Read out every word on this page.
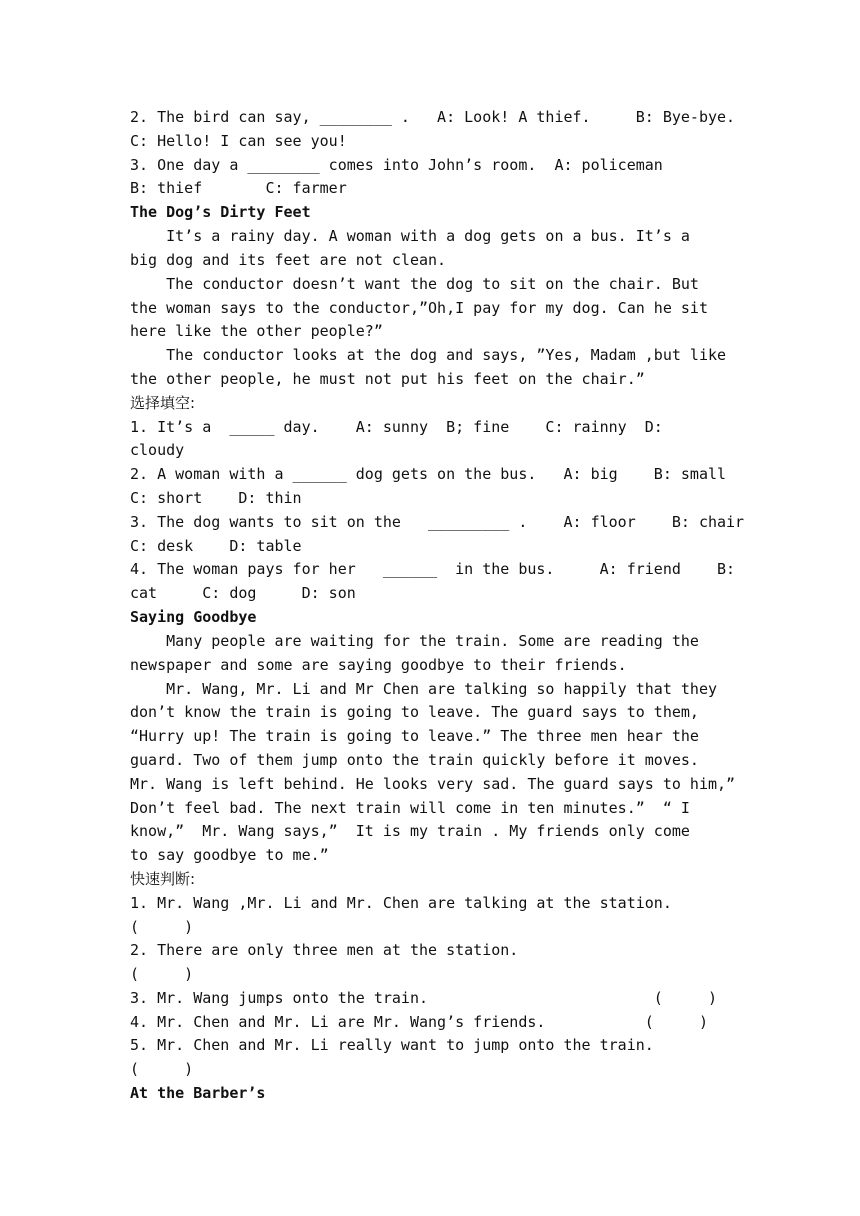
2. The bird can say, ________ .   A: Look! A thief.     B: Bye-bye.
C: Hello! I can see you!
3. One day a ________ comes into John’s room.  A: policeman
B: thief       C: farmer
The Dog’s Dirty Feet
It’s a rainy day. A woman with a dog gets on a bus. It’s a
big dog and its feet are not clean.
The conductor doesn’t want the dog to sit on the chair. But
the woman says to the conductor,”Oh,I pay for my dog. Can he sit
here like the other people?”
The conductor looks at the dog and says, ”Yes, Madam ,but like
the other people, he must not put his feet on the chair.”
选择填空:
1. It’s a  _____ day.    A: sunny  B; fine    C: rainny  D:
cloudy
2. A woman with a ______ dog gets on the bus.   A: big    B: small
C: short    D: thin
3. The dog wants to sit on the   _________ .    A: floor    B: chair
C: desk    D: table
4. The woman pays for her   ______  in the bus.     A: friend    B:
cat     C: dog     D: son
Saying Goodbye
Many people are waiting for the train. Some are reading the
newspaper and some are saying goodbye to their friends.
Mr. Wang, Mr. Li and Mr Chen are talking so happily that they
don’t know the train is going to leave. The guard says to them,
“Hurry up! The train is going to leave.” The three men hear the
guard. Two of them jump onto the train quickly before it moves.
Mr. Wang is left behind. He looks very sad. The guard says to him,”
Don’t feel bad. The next train will come in ten minutes.”  “ I
know,”  Mr. Wang says,”  It is my train . My friends only come
to say goodbye to me.”
快速判断:
1. Mr. Wang ,Mr. Li and Mr. Chen are talking at the station.
(     )
2. There are only three men at the station.
(     )
3. Mr. Wang jumps onto the train.                         (     )
4. Mr. Chen and Mr. Li are Mr. Wang’s friends.           (     )
5. Mr. Chen and Mr. Li really want to jump onto the train.
(     )
At the Barber’s
